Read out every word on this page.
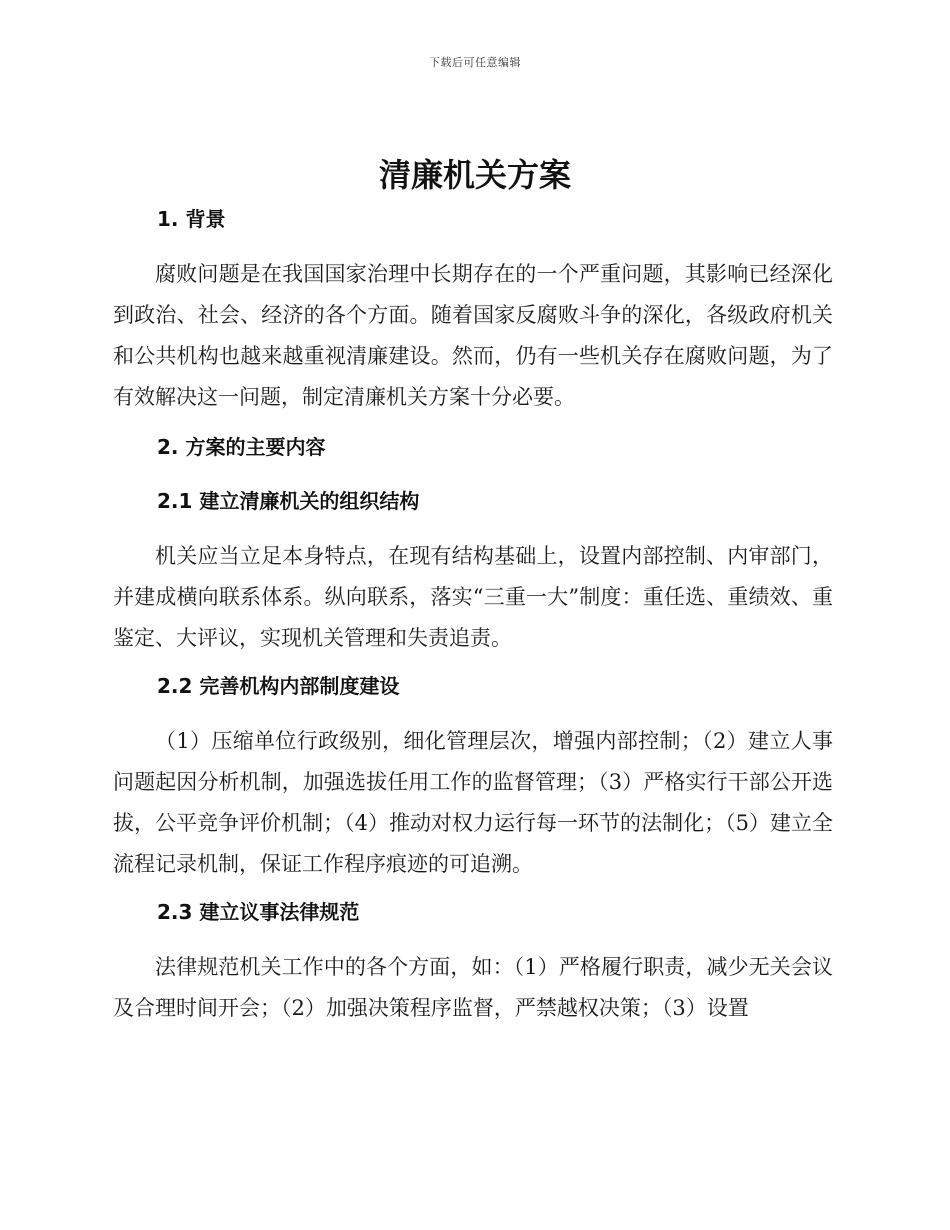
下载后可任意编辑
清廉机关方案
1. 背景

腐败问题是在我国国家治理中长期存在的一个严重问题，其影响已经深化到政治、社会、经济的各个方面。随着国家反腐败斗争的深化，各级政府机关和公共机构也越来越重视清廉建设。然而，仍有一些机关存在腐败问题，为了有效解决这一问题，制定清廉机关方案十分必要。

2. 方案的主要内容
2.1 建立清廉机关的组织结构

机关应当立足本身特点，在现有结构基础上，设置内部控制、内审部门，并建成横向联系体系。纵向联系，落实“三重一大”制度：重任选、重绩效、重鉴定、大评议，实现机关管理和失责追责。

2.2 完善机构内部制度建设

（1）压缩单位行政级别，细化管理层次，增强内部控制；（2）建立人事问题起因分析机制，加强选拔任用工作的监督管理；（3）严格实行干部公开选拔，公平竞争评价机制；（4）推动对权力运行每一环节的法制化；（5）建立全流程记录机制，保证工作程序痕迹的可追溯。

2.3 建立议事法律规范

法律规范机关工作中的各个方面，如：（1）严格履行职责，减少无关会议及合理时间开会；（2）加强决策程序监督，严禁越权决策；（3）设置
